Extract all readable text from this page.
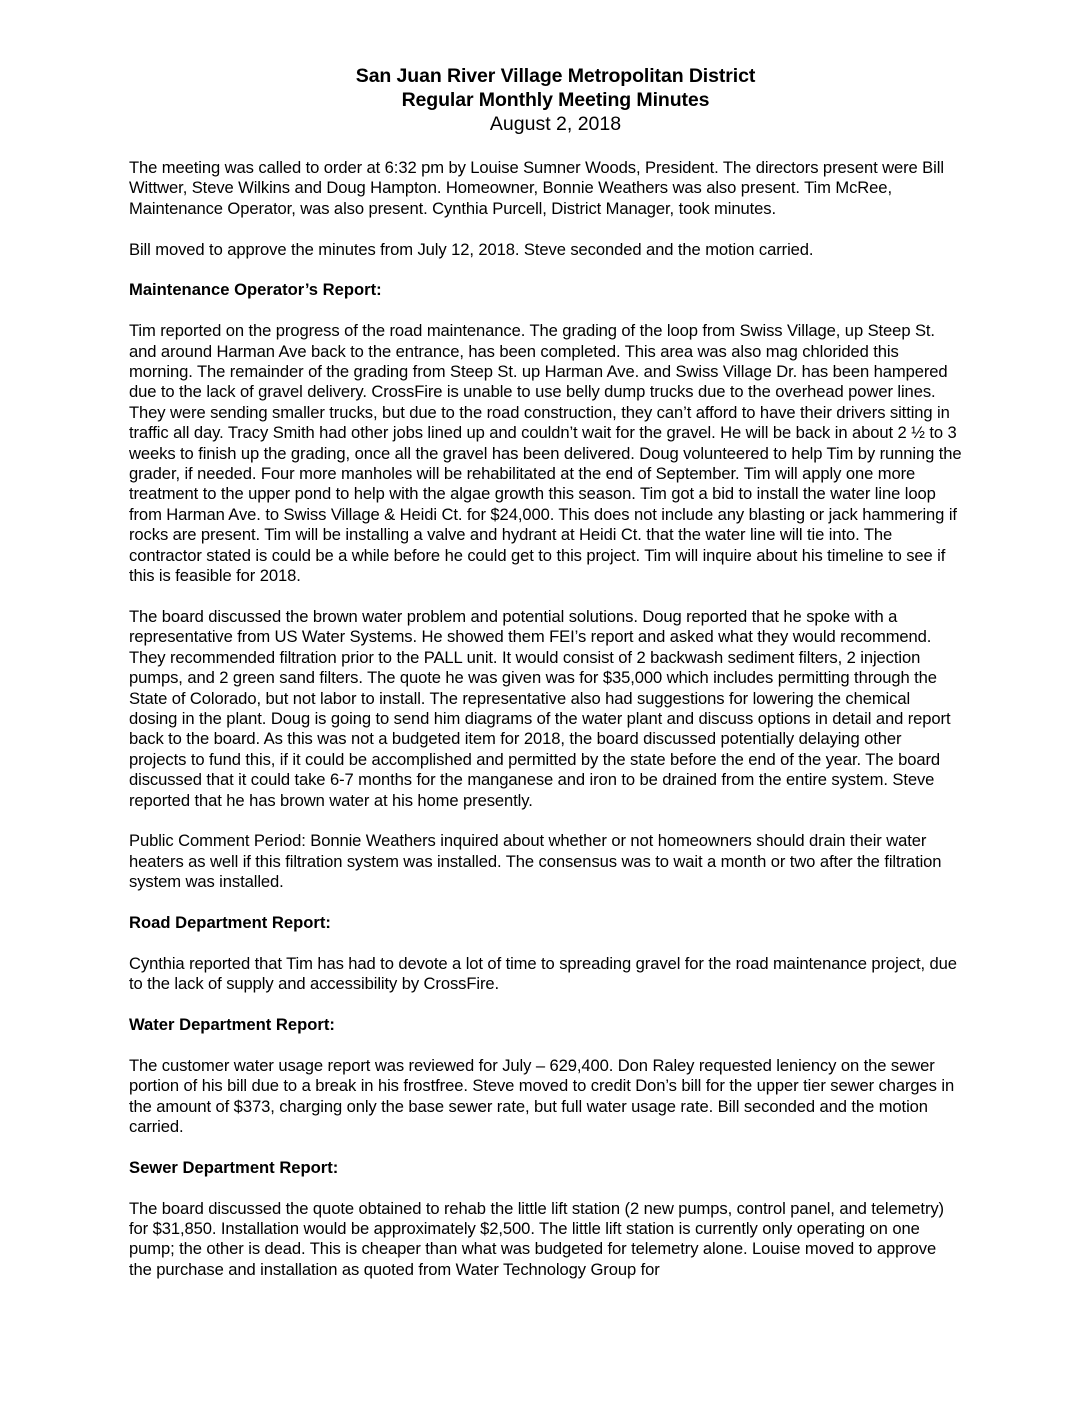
San Juan River Village Metropolitan District
Regular Monthly Meeting Minutes
August 2, 2018

The meeting was called to order at 6:32 pm by Louise Sumner Woods, President. The directors present were Bill Wittwer, Steve Wilkins and Doug Hampton. Homeowner, Bonnie Weathers was also present. Tim McRee, Maintenance Operator, was also present. Cynthia Purcell, District Manager, took minutes.

Bill moved to approve the minutes from July 12, 2018. Steve seconded and the motion carried.

Maintenance Operator’s Report:

Tim reported on the progress of the road maintenance. The grading of the loop from Swiss Village, up Steep St. and around Harman Ave back to the entrance, has been completed. This area was also mag chlorided this morning. The remainder of the grading from Steep St. up Harman Ave. and Swiss Village Dr. has been hampered due to the lack of gravel delivery. CrossFire is unable to use belly dump trucks due to the overhead power lines. They were sending smaller trucks, but due to the road construction, they can’t afford to have their drivers sitting in traffic all day. Tracy Smith had other jobs lined up and couldn’t wait for the gravel. He will be back in about 2 ½ to 3 weeks to finish up the grading, once all the gravel has been delivered. Doug volunteered to help Tim by running the grader, if needed. Four more manholes will be rehabilitated at the end of September. Tim will apply one more treatment to the upper pond to help with the algae growth this season. Tim got a bid to install the water line loop from Harman Ave. to Swiss Village & Heidi Ct. for $24,000. This does not include any blasting or jack hammering if rocks are present. Tim will be installing a valve and hydrant at Heidi Ct. that the water line will tie into. The contractor stated is could be a while before he could get to this project. Tim will inquire about his timeline to see if this is feasible for 2018.

The board discussed the brown water problem and potential solutions. Doug reported that he spoke with a representative from US Water Systems. He showed them FEI’s report and asked what they would recommend. They recommended filtration prior to the PALL unit. It would consist of 2 backwash sediment filters, 2 injection pumps, and 2 green sand filters. The quote he was given was for $35,000 which includes permitting through the State of Colorado, but not labor to install. The representative also had suggestions for lowering the chemical dosing in the plant. Doug is going to send him diagrams of the water plant and discuss options in detail and report back to the board. As this was not a budgeted item for 2018, the board discussed potentially delaying other projects to fund this, if it could be accomplished and permitted by the state before the end of the year. The board discussed that it could take 6-7 months for the manganese and iron to be drained from the entire system. Steve reported that he has brown water at his home presently.

Public Comment Period: Bonnie Weathers inquired about whether or not homeowners should drain their water heaters as well if this filtration system was installed. The consensus was to wait a month or two after the filtration system was installed.

Road Department Report:

Cynthia reported that Tim has had to devote a lot of time to spreading gravel for the road maintenance project, due to the lack of supply and accessibility by CrossFire.

Water Department Report:

The customer water usage report was reviewed for July – 629,400. Don Raley requested leniency on the sewer portion of his bill due to a break in his frostfree. Steve moved to credit Don’s bill for the upper tier sewer charges in the amount of $373, charging only the base sewer rate, but full water usage rate. Bill seconded and the motion carried.

Sewer Department Report:

The board discussed the quote obtained to rehab the little lift station (2 new pumps, control panel, and telemetry) for $31,850. Installation would be approximately $2,500. The little lift station is currently only operating on one pump; the other is dead. This is cheaper than what was budgeted for telemetry alone. Louise moved to approve the purchase and installation as quoted from Water Technology Group for
